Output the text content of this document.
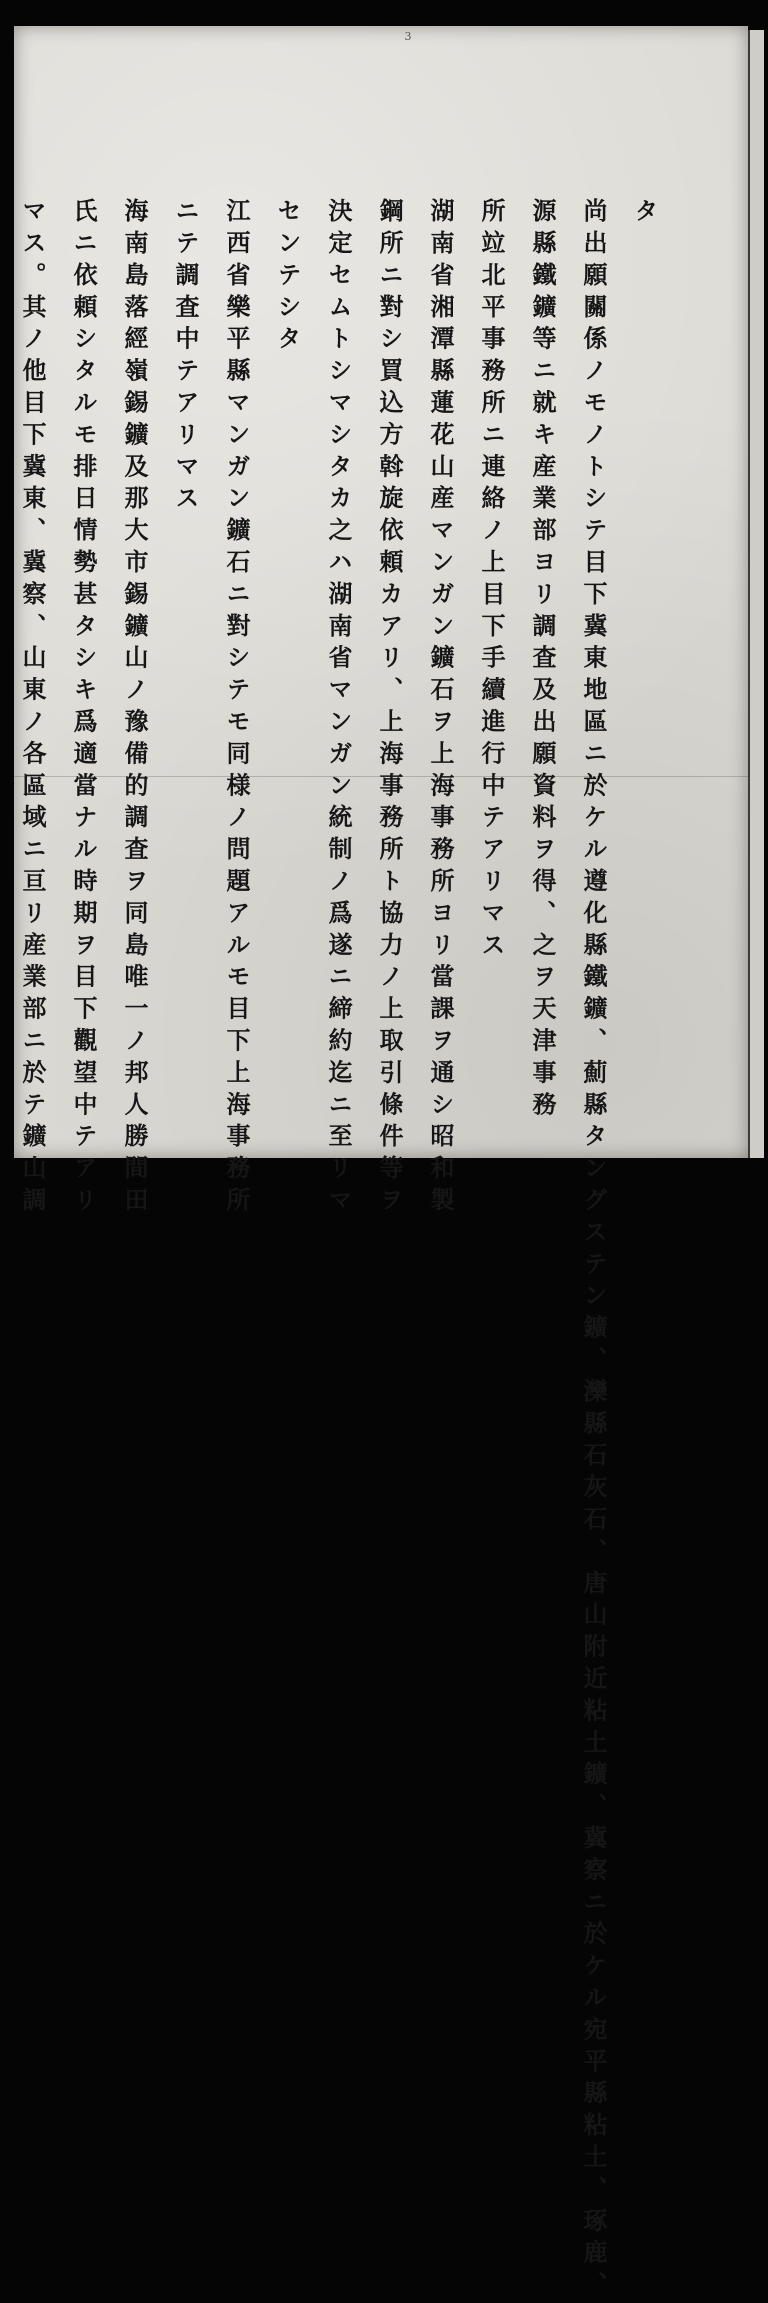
3
タ
尚出願關係ノモノトシテ目下冀東地區ニ於ケル遵化縣鐵鑛、薊縣タングステン鑛、灤縣石灰石、唐山附近粘土鑛、冀察ニ於ケル宛平縣粘土、琢鹿、
源縣鐵鑛等ニ就キ産業部ヨリ調査及出願資料ヲ得、之ヲ天津事務
所竝北平事務所ニ連絡ノ上目下手續進行中テアリマス
湖南省湘潭縣蓮花山産マンガン鑛石ヲ上海事務所ヨリ當課ヲ通シ昭和製
鋼所ニ對シ買込方斡旋依頼カアリ、上海事務所ト協力ノ上取引條件等ヲ
決定セムトシマシタカ之ハ湖南省マンガン統制ノ爲遂ニ締約迄ニ至リマ
センテシタ
江西省樂平縣マンガン鑛石ニ對シテモ同様ノ問題アルモ目下上海事務所
ニテ調査中テアリマス
海南島落經嶺錫鑛及那大市錫鑛山ノ豫備的調査ヲ同島唯一ノ邦人勝間田
氏ニ依頼シタルモ排日情勢甚タシキ爲適當ナル時期ヲ目下觀望中テアリ
マス。其ノ他目下冀東、冀察、山東ノ各區域ニ亘リ産業部ニ於テ鑛山調
